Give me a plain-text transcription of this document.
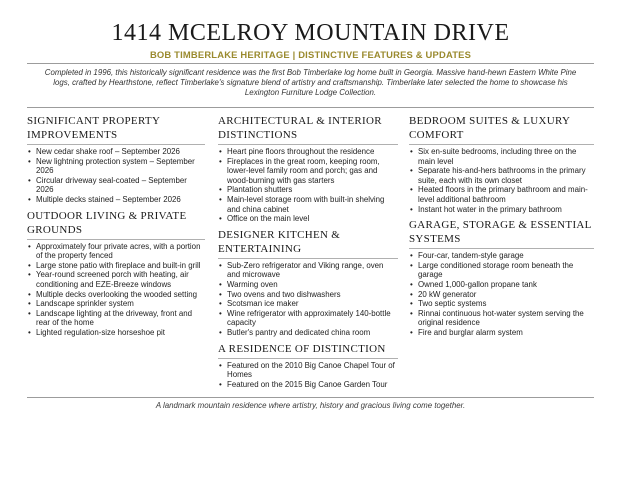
1414 MCELROY MOUNTAIN DRIVE
BOB TIMBERLAKE HERITAGE | DISTINCTIVE FEATURES & UPDATES
Completed in 1996, this historically significant residence was the first Bob Timberlake log home built in Georgia. Massive hand-hewn Eastern White Pine logs, crafted by Hearthstone, reflect Timberlake's signature blend of artistry and craftsmanship. Timberlake later selected the home to showcase his Lexington Furniture Lodge Collection.
SIGNIFICANT PROPERTY IMPROVEMENTS
• New cedar shake roof – September 2026
• New lightning protection system – September 2026
• Circular driveway seal-coated – September 2026
• Multiple decks stained – September 2026
OUTDOOR LIVING & PRIVATE GROUNDS
• Approximately four private acres, with a portion of the property fenced
• Large stone patio with fireplace and built-in grill
• Year-round screened porch with heating, air conditioning and EZE-Breeze windows
• Multiple decks overlooking the wooded setting
• Landscape sprinkler system
• Landscape lighting at the driveway, front and rear of the home
• Lighted regulation-size horseshoe pit
ARCHITECTURAL & INTERIOR DISTINCTIONS
• Heart pine floors throughout the residence
• Fireplaces in the great room, keeping room, lower-level family room and porch; gas and wood-burning with gas starters
• Plantation shutters
• Main-level storage room with built-in shelving and china cabinet
• Office on the main level
DESIGNER KITCHEN & ENTERTAINING
• Sub-Zero refrigerator and Viking range, oven and microwave
• Warming oven
• Two ovens and two dishwashers
• Scotsman ice maker
• Wine refrigerator with approximately 140-bottle capacity
• Butler's pantry and dedicated china room
A RESIDENCE OF DISTINCTION
• Featured on the 2010 Big Canoe Chapel Tour of Homes
• Featured on the 2015 Big Canoe Garden Tour
BEDROOM SUITES & LUXURY COMFORT
• Six en-suite bedrooms, including three on the main level
• Separate his-and-hers bathrooms in the primary suite, each with its own closet
• Heated floors in the primary bathroom and main-level additional bathroom
• Instant hot water in the primary bathroom
GARAGE, STORAGE & ESSENTIAL SYSTEMS
• Four-car, tandem-style garage
• Large conditioned storage room beneath the garage
• Owned 1,000-gallon propane tank
• 20 kW generator
• Two septic systems
• Rinnai continuous hot-water system serving the original residence
• Fire and burglar alarm system
A landmark mountain residence where artistry, history and gracious living come together.
